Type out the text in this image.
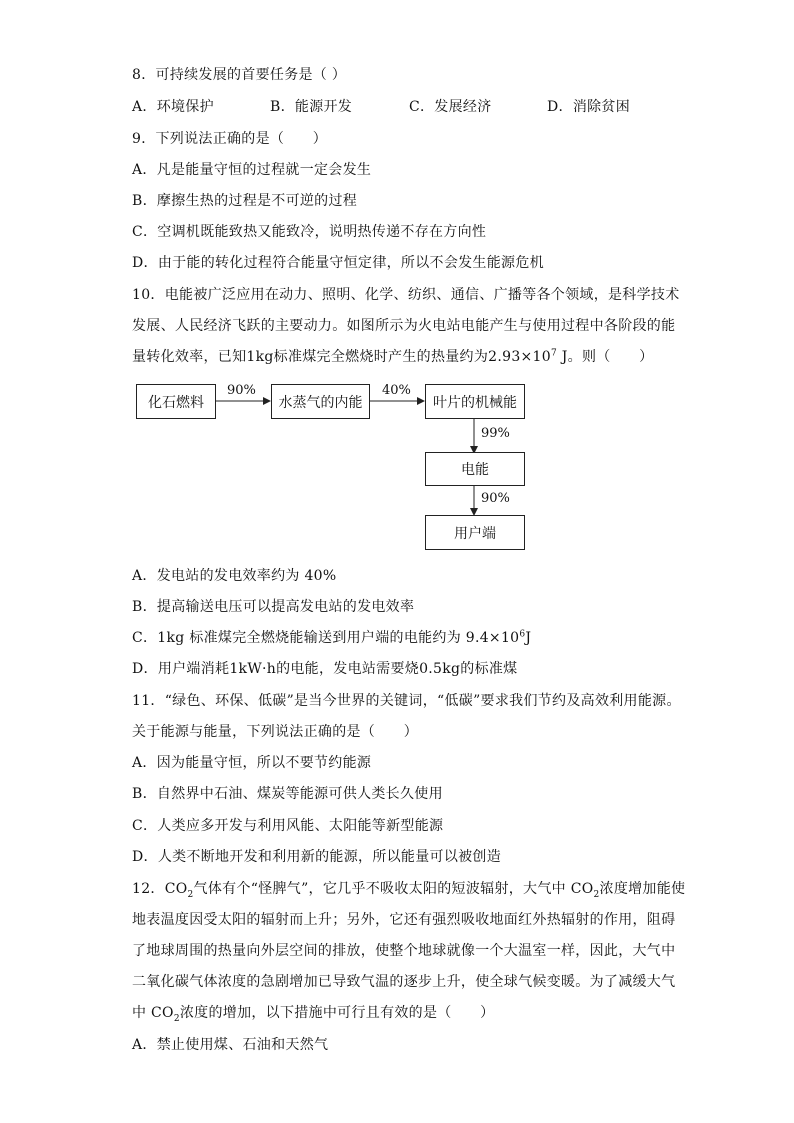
8．可持续发展的首要任务是（ ）
A．环境保护	B．能源开发	C．发展经济	D．消除贫困
9．下列说法正确的是（　　）
A．凡是能量守恒的过程就一定会发生
B．摩擦生热的过程是不可逆的过程
C．空调机既能致热又能致冷，说明热传递不存在方向性
D．由于能的转化过程符合能量守恒定律，所以不会发生能源危机
10．电能被广泛应用在动力、照明、化学、纺织、通信、广播等各个领域，是科学技术
发展、人民经济飞跃的主要动力。如图所示为火电站电能产生与使用过程中各阶段的能
量转化效率，已知1kg标准煤完全燃烧时产生的热量约为$2.93\times 10^7$ J。则（　　）
化石燃料	水蒸气的内能	叶片的机械能
电能
用户端
90%	40%
99%
90%
A．发电站的发电效率约为 40%
B．提高输送电压可以提高发电站的发电效率
C．1kg 标准煤完全燃烧能输送到用户端的电能约为 $9.4\times 10^6J$
D．用户端消耗1kW·h的电能，发电站需要烧0.5kg的标准煤
11．“绿色、环保、低碳”是当今世界的关键词，“低碳”要求我们节约及高效利用能源。
关于能源与能量，下列说法正确的是（　　）
A．因为能量守恒，所以不要节约能源
B．自然界中石油、煤炭等能源可供人类长久使用
C．人类应多开发与利用风能、太阳能等新型能源
D．人类不断地开发和利用新的能源，所以能量可以被创造
12．$CO_2$气体有个“怪脾气”，它几乎不吸收太阳的短波辐射，大气中 $CO_2$浓度增加能使
地表温度因受太阳的辐射而上升；另外，它还有强烈吸收地面红外热辐射的作用，阻碍
了地球周围的热量向外层空间的排放，使整个地球就像一个大温室一样，因此，大气中
二氧化碳气体浓度的急剧增加已导致气温的逐步上升，使全球气候变暖。为了减缓大气
中 $CO_2$浓度的增加，以下措施中可行且有效的是（　　）
A．禁止使用煤、石油和天然气
